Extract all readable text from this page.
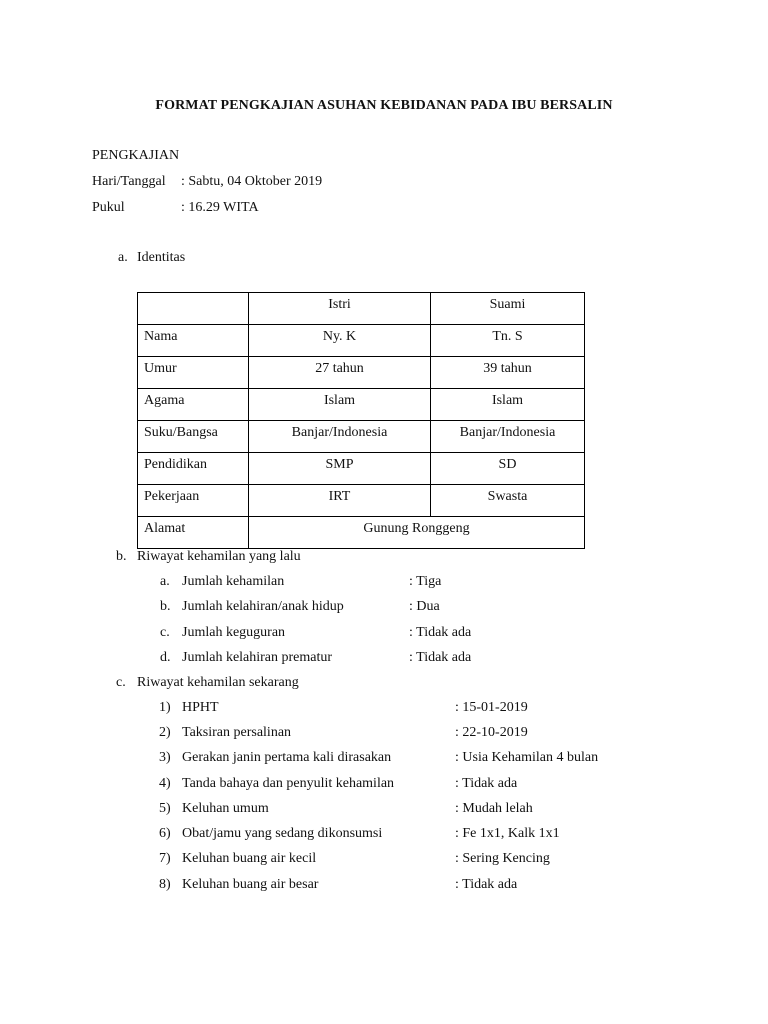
FORMAT PENGKAJIAN ASUHAN KEBIDANAN PADA IBU BERSALIN
PENGKAJIAN
Hari/Tanggal : Sabtu, 04 Oktober 2019
Pukul	: 16.29 WITA
a. Identitas
	Istri	Suami
Nama	Ny. K	Tn. S
Umur	27 tahun	39 tahun
Agama	Islam	Islam
Suku/Bangsa	Banjar/Indonesia	Banjar/Indonesia
Pendidikan	SMP	SD
Pekerjaan	IRT	Swasta
Alamat	Gunung Ronggeng	
b. Riwayat kehamilan yang lalu
a. Jumlah kehamilan	: Tiga
b. Jumlah kelahiran/anak hidup	: Dua
c. Jumlah keguguran	: Tidak ada
d. Jumlah kelahiran prematur	: Tidak ada
c. Riwayat kehamilan sekarang
1) HPHT	: 15-01-2019
2) Taksiran persalinan	: 22-10-2019
3) Gerakan janin pertama kali dirasakan	: Usia Kehamilan 4 bulan
4) Tanda bahaya dan penyulit kehamilan	: Tidak ada
5) Keluhan umum	: Mudah lelah
6) Obat/jamu yang sedang dikonsumsi	: Fe 1x1, Kalk 1x1
7) Keluhan buang air kecil	: Sering Kencing
8) Keluhan buang air besar	: Tidak ada
